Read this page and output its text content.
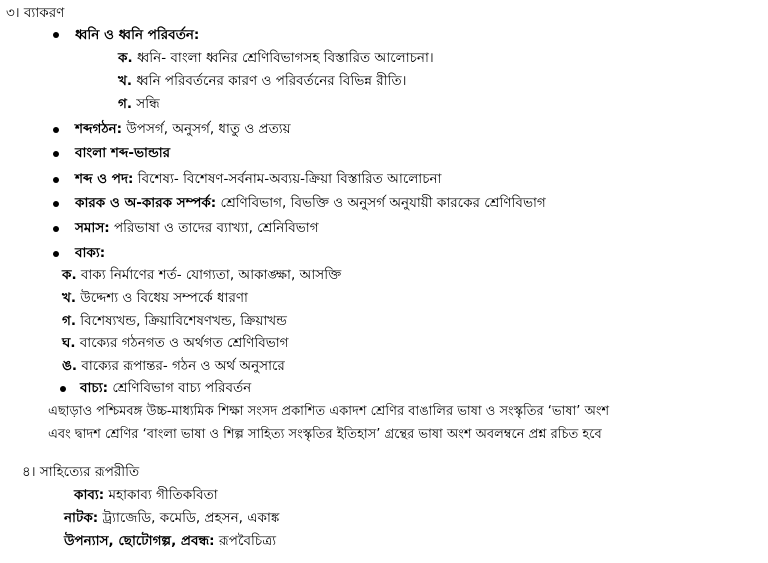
৩। ব্যাকরণ
ধ্বনি ও ধ্বনি পরিবর্তন:
ক. ধ্বনি- বাংলা ধ্বনির শ্রেণিবিভাগসহ বিস্তারিত আলোচনা।
খ. ধ্বনি পরিবর্তনের কারণ ও পরিবর্তনের বিভিন্ন রীতি।
গ. সন্ধি
শব্দগঠন: উপসর্গ, অনুসর্গ, ধাতু ও প্রত্যয়
বাংলা শব্দ-ভান্ডার
শব্দ ও পদ: বিশেষ্য- বিশেষণ-সর্বনাম-অব্যয়-ক্রিয়া বিস্তারিত আলোচনা
কারক ও অ-কারক সম্পর্ক: শ্রেণিবিভাগ, বিভক্তি ও অনুসর্গ অনুযায়ী কারকের শ্রেণিবিভাগ
সমাস: পরিভাষা ও তাদের ব্যাখ্যা, শ্রেনিবিভাগ
বাক্য:
ক. বাক্য নির্মাণের শর্ত- যোগ্যতা, আকাঙ্ক্ষা, আসক্তি
খ. উদ্দেশ্য ও বিধেয় সম্পর্কে ধারণা
গ. বিশেষ্যখন্ড, ক্রিয়াবিশেষণখন্ড, ক্রিয়াখন্ড
ঘ. বাক্যের গঠনগত ও অর্থগত শ্রেণিবিভাগ
ঙ. বাক্যের রূপান্তর- গঠন ও অর্থ অনুসারে
বাচ্য: শ্রেণিবিভাগ বাচ্য পরিবর্তন
এছাড়াও পশ্চিমবঙ্গ উচ্চ-মাধ্যমিক শিক্ষা সংসদ প্রকাশিত একাদশ শ্রেণির বাঙালির ভাষা ও সংস্কৃতির ‘ভাষা’ অংশ
এবং দ্বাদশ শ্রেণির ‘বাংলা ভাষা ও শিল্প সাহিত্য সংস্কৃতির ইতিহাস’ গ্রন্থের ভাষা অংশ অবলম্বনে প্রশ্ন রচিত হবে
৪। সাহিত্যের রূপরীতি
কাব্য: মহাকাব্য গীতিকবিতা
নাটক: ট্র্যাজেডি, কমেডি, প্রহসন, একাঙ্ক
উপন্যাস, ছোটোগল্প, প্রবন্ধ: রূপবৈচিত্র্য
